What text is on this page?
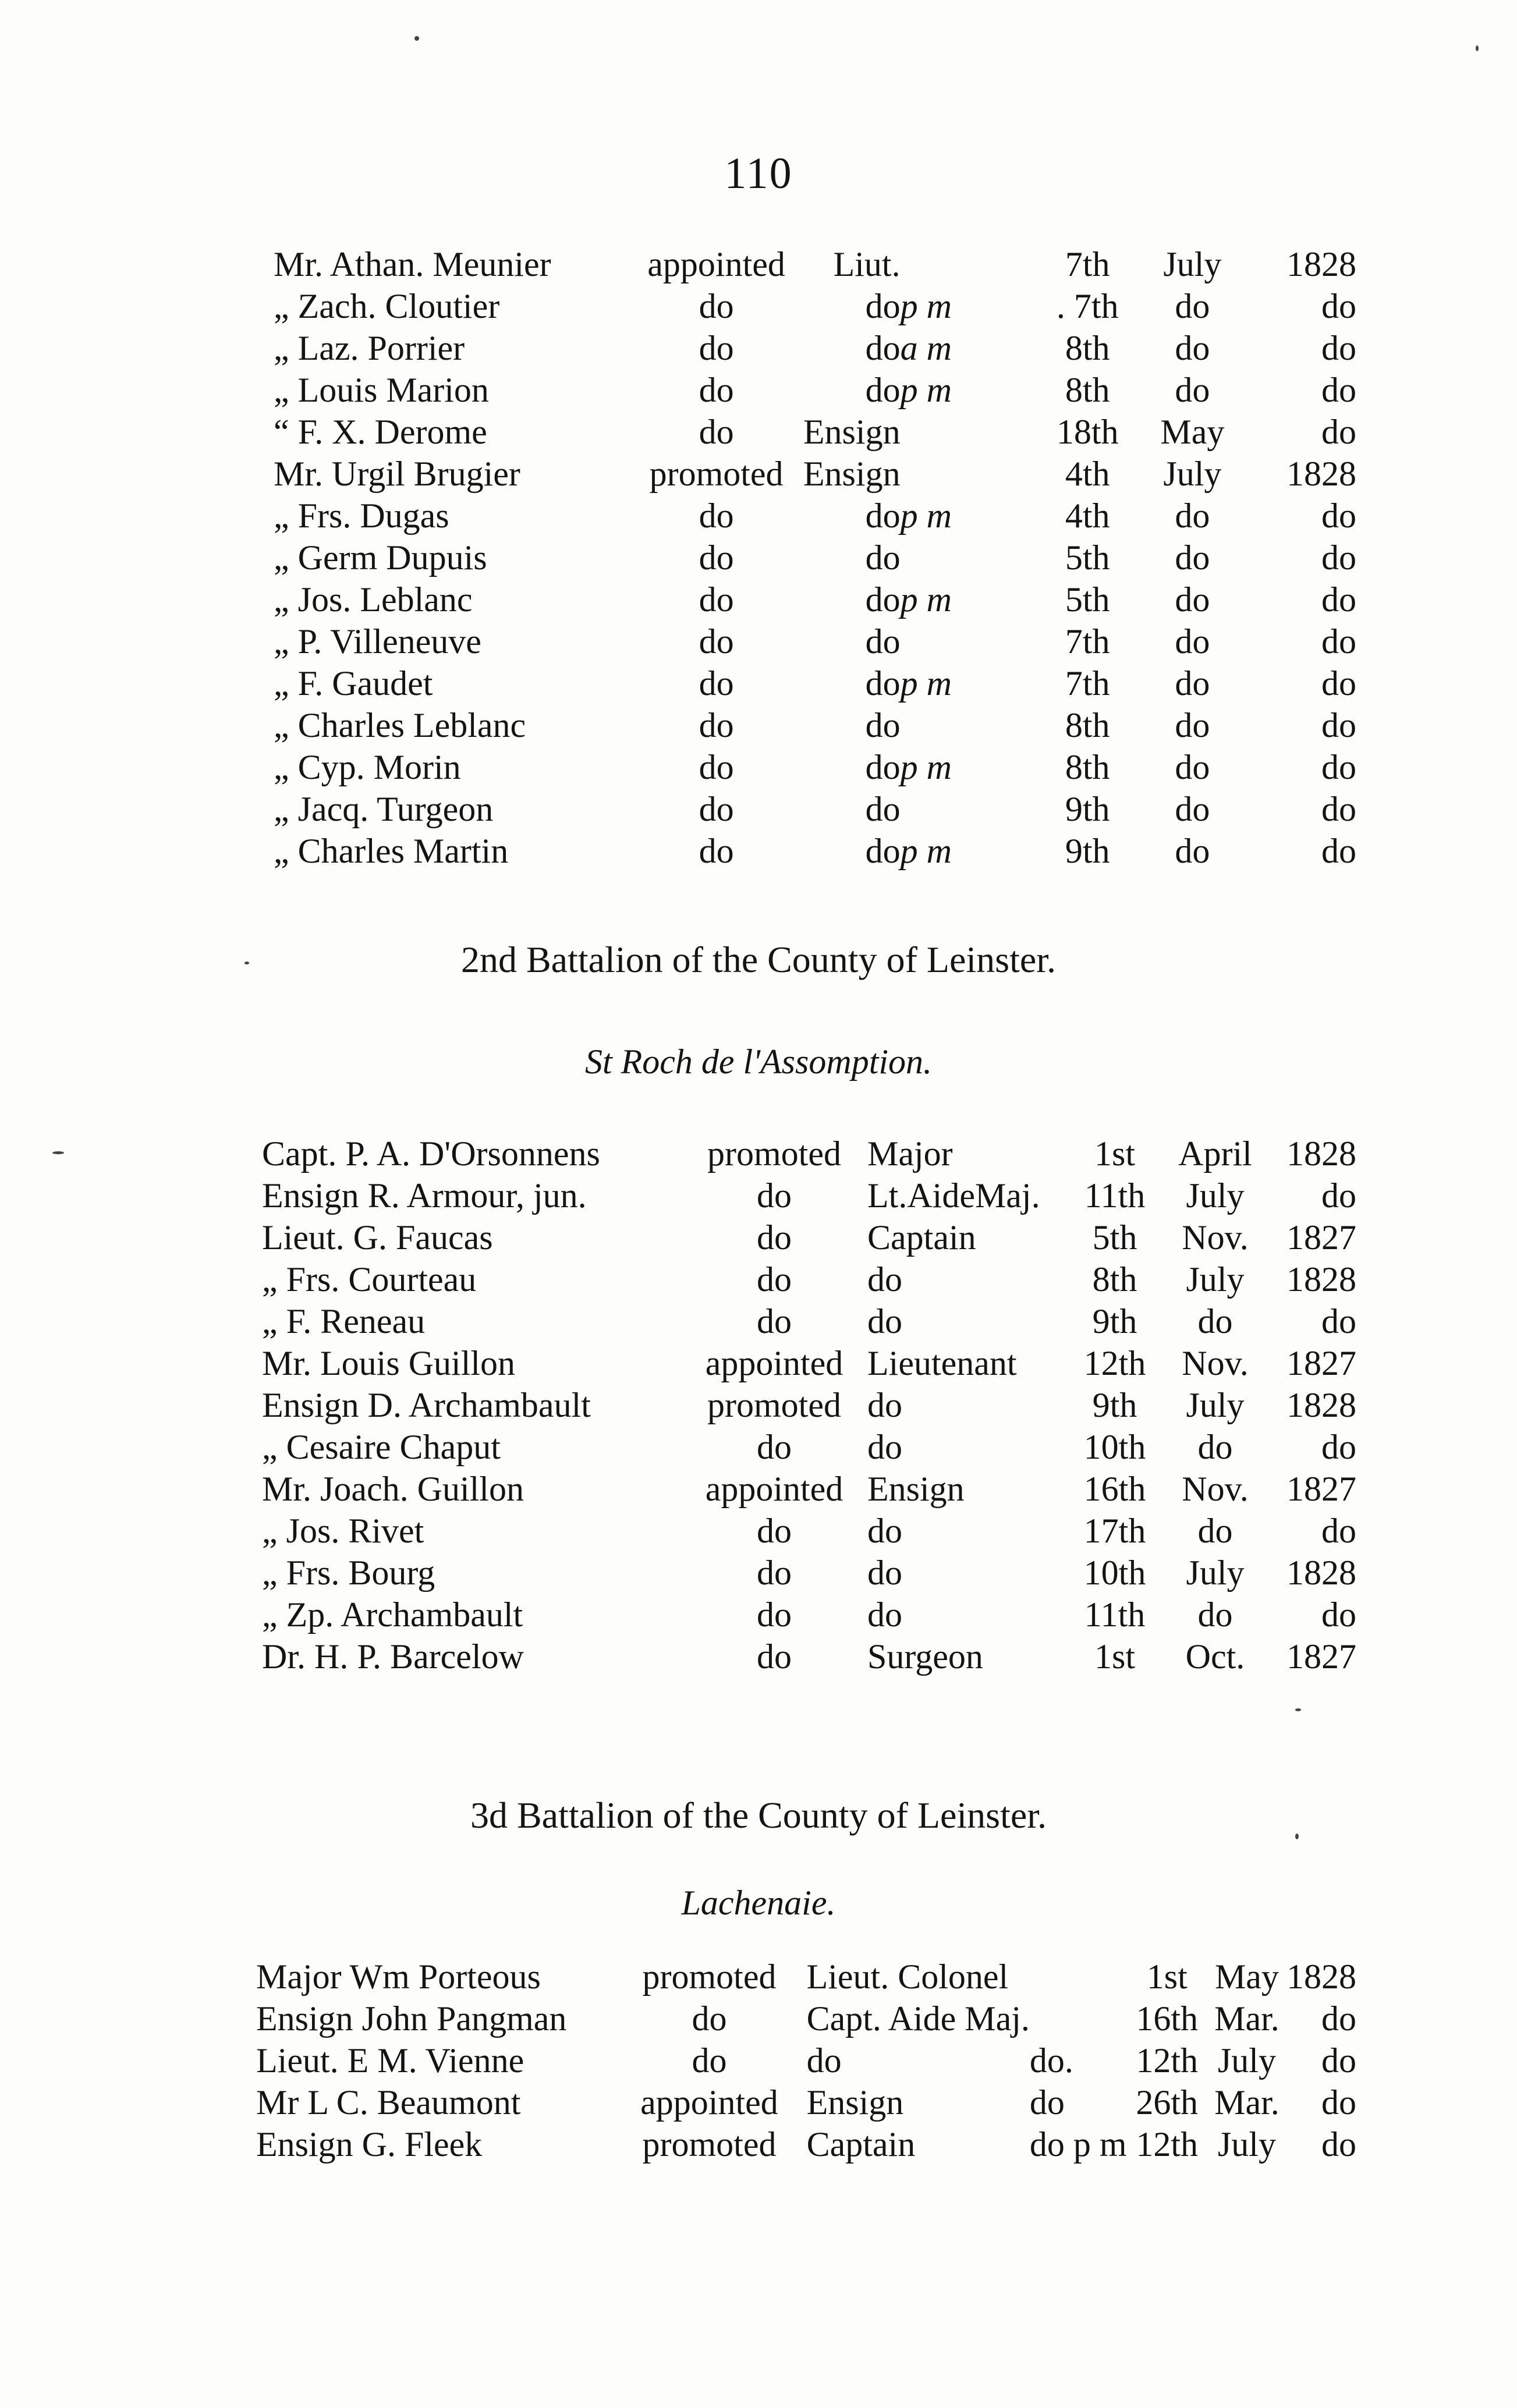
110
Mr. Athan. Meunier	appointed	Liut.		7th	July	1828
„ Zach. Cloutier	do	do	p m	. 7th	do	do
„ Laz. Porrier	do	do	a m	8th	do	do
„ Louis Marion	do	do	p m	8th	do	do
“ F. X. Derome	do	Ensign		18th	May	do
Mr. Urgil Brugier	promoted	Ensign		4th	July	1828
„ Frs. Dugas	do	do	p m	4th	do	do
„ Germ Dupuis	do	do		5th	do	do
„ Jos. Leblanc	do	do	p m	5th	do	do
„ P. Villeneuve	do	do		7th	do	do
„ F. Gaudet	do	do	p m	7th	do	do
„ Charles Leblanc	do	do		8th	do	do
„ Cyp. Morin	do	do	p m	8th	do	do
„ Jacq. Turgeon	do	do		9th	do	do
„ Charles Martin	do	do	p m	9th	do	do
2nd Battalion of the County of Leinster.
St Roch de l'Assomption.
Capt. P. A. D'Orsonnens	promoted	Major	1st	April	1828
Ensign R. Armour, jun.	do	Lt.AideMaj.	11th	July	do
Lieut. G. Faucas	do	Captain	5th	Nov.	1827
„ Frs. Courteau	do	do	8th	July	1828
„ F. Reneau	do	do	9th	do	do
Mr. Louis Guillon	appointed	Lieutenant	12th	Nov.	1827
Ensign D. Archambault	promoted	do	9th	July	1828
„ Cesaire Chaput	do	do	10th	do	do
Mr. Joach. Guillon	appointed	Ensign	16th	Nov.	1827
„ Jos. Rivet	do	do	17th	do	do
„ Frs. Bourg	do	do	10th	July	1828
„ Zp. Archambault	do	do	11th	do	do
Dr. H. P. Barcelow	do	Surgeon	1st	Oct.	1827
3d Battalion of the County of Leinster.
Lachenaie.
Major Wm Porteous	promoted	Lieut. Colonel		1st	May	1828
Ensign John Pangman	do	Capt. Aide Maj.		16th	Mar.	do
Lieut. E M. Vienne	do	do	do.	12th	July	do
Mr L C. Beaumont	appointed	Ensign	do	26th	Mar.	do
Ensign G. Fleek	promoted	Captain	do p m	12th	July	do
